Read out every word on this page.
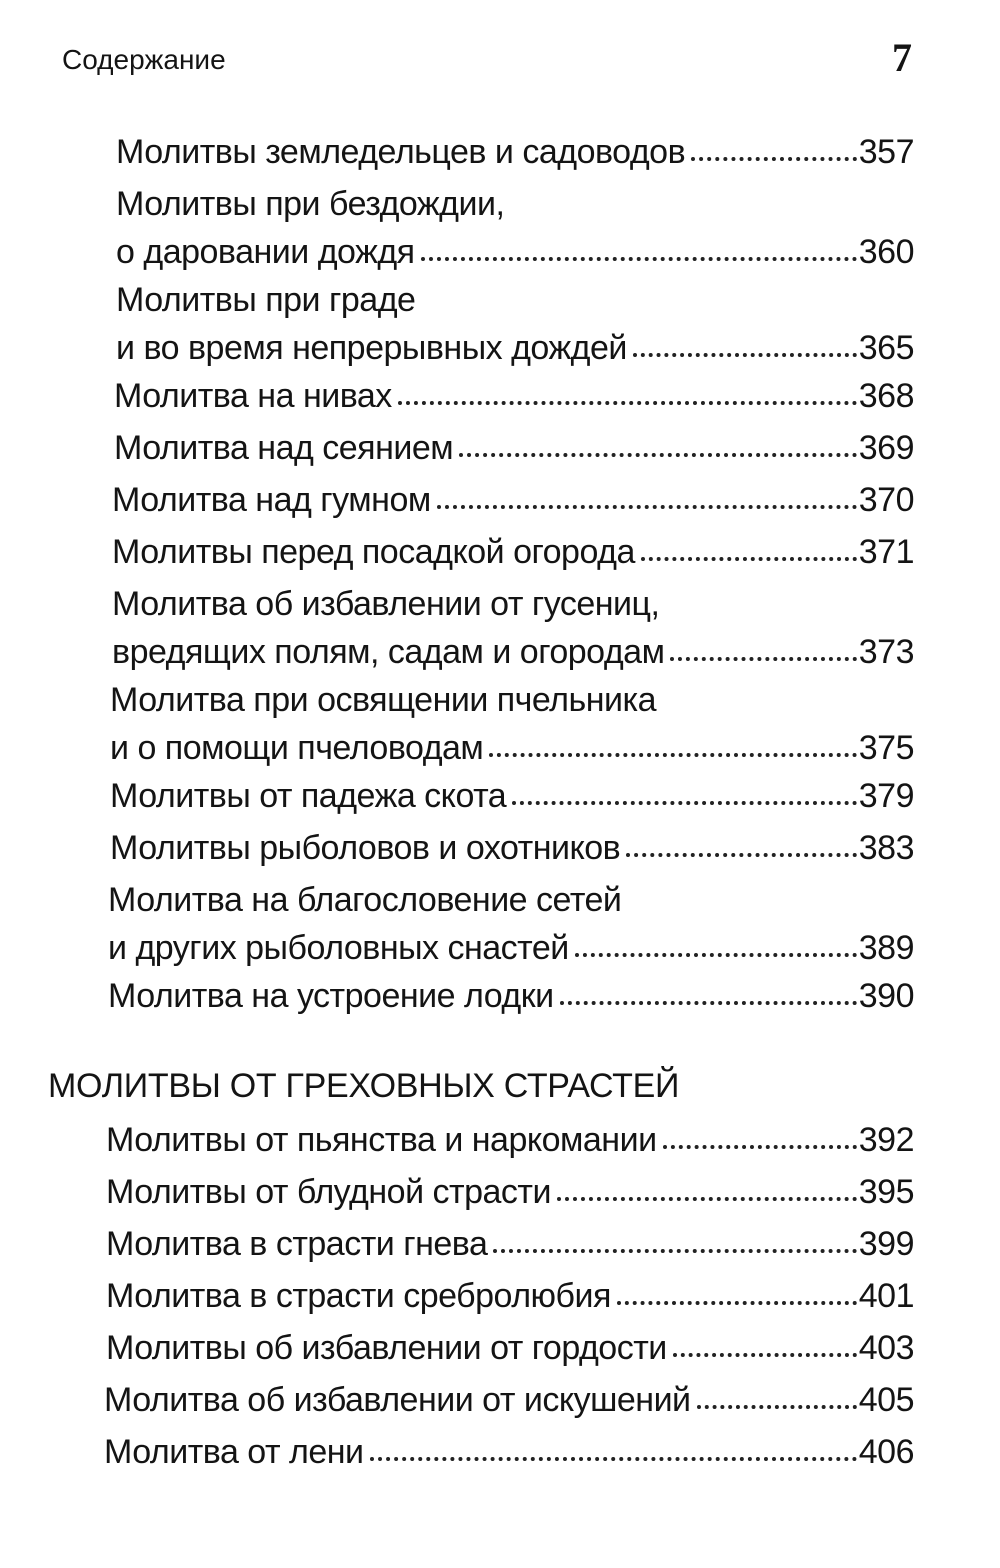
Содержание	7
Молитвы земледельцев и садоводов	357
Молитвы при бездождии,
о даровании дождя	360
Молитвы при граде
и во время непрерывных дождей	365
Молитва на нивах	368
Молитва над сеянием	369
Молитва над гумном	370
Молитвы перед посадкой огорода	371
Молитва об избавлении от гусениц,
вредящих полям, садам и огородам	373
Молитва при освящении пчельника
и о помощи пчеловодам	375
Молитвы от падежа скота	379
Молитвы рыболовов и охотников	383
Молитва на благословение сетей
и других рыболовных снастей	389
Молитва на устроение лодки	390
МОЛИТВЫ ОТ ГРЕХОВНЫХ СТРАСТЕЙ
Молитвы от пьянства и наркомании	392
Молитвы от блудной страсти	395
Молитва в страсти гнева	399
Молитва в страсти сребролюбия	401
Молитвы об избавлении от гордости	403
Молитва об избавлении от искушений	405
Молитва от лени	406
